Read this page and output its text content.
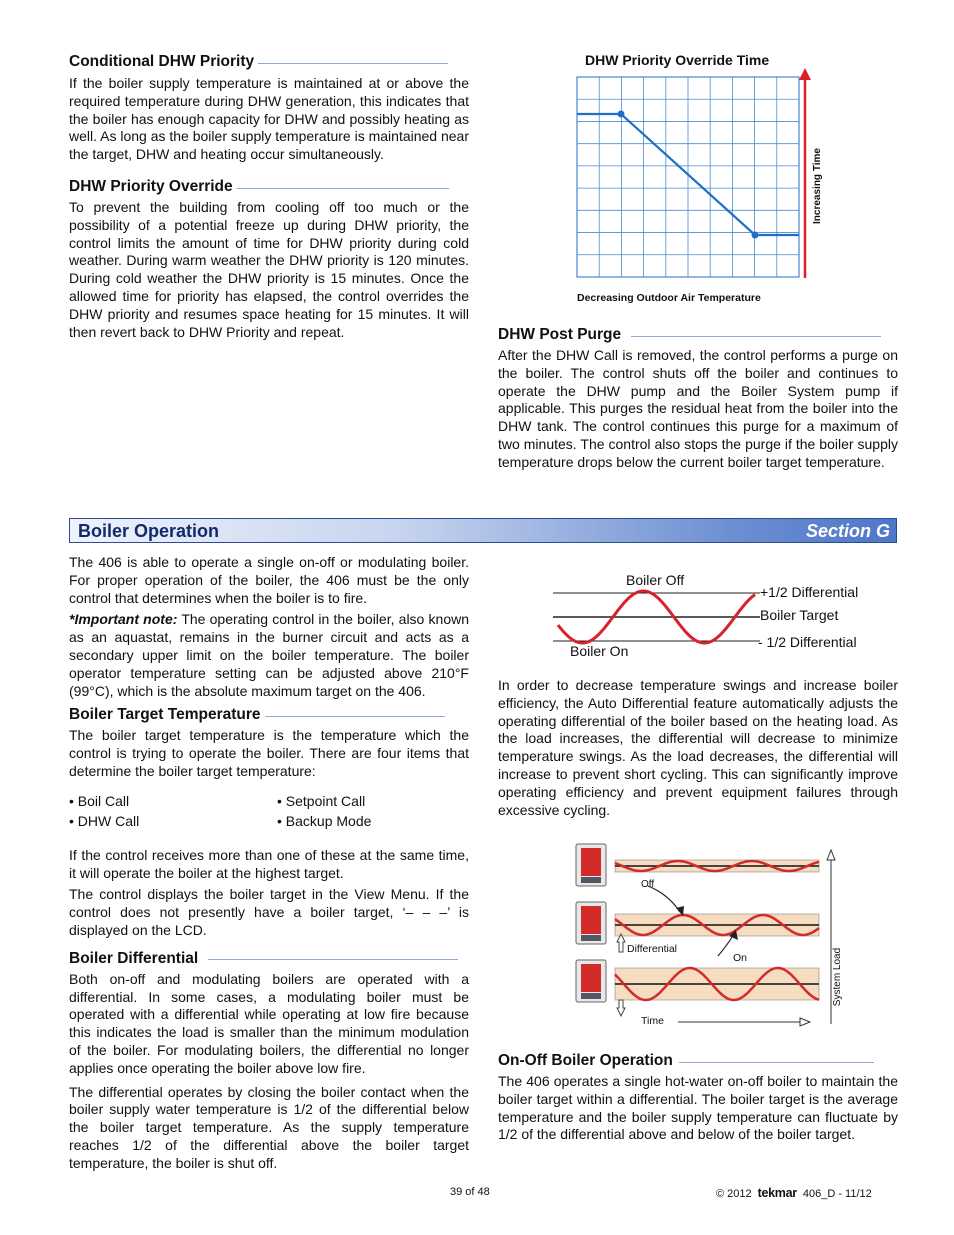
Conditional DHW Priority
If the boiler supply temperature is maintained at or above the required temperature during DHW generation, this indicates that the boiler has enough capacity for DHW and possibly heating as well. As long as the boiler supply temperature is maintained near the target, DHW and heating occur simultaneously.
DHW Priority Override
To prevent the building from cooling off too much or the possibility of a potential freeze up during DHW priority, the control limits the amount of time for DHW priority during cold weather. During warm weather the DHW priority is 120 minutes. During cold weather the DHW priority is 15 minutes. Once the allowed time for priority has elapsed, the control overrides the DHW priority and resumes space heating for 15 minutes. It will then revert back to DHW Priority and repeat.
DHW Priority Override Time
Increasing Time
Decreasing Outdoor Air Temperature
DHW Post Purge
After the DHW Call is removed, the control performs a purge on the boiler. The control shuts off the boiler and continues to operate the DHW pump and the Boiler System pump if applicable. This purges the residual heat from the boiler into the DHW tank. The control continues this purge for a maximum of two minutes. The control also stops the purge if the boiler supply temperature drops below the current boiler target temperature.
Boiler Operation	Section G
The 406 is able to operate a single on-off or modulating boiler. For proper operation of the boiler, the 406 must be the only control that determines when the boiler is to fire.
*Important note: The operating control in the boiler, also known as an aquastat, remains in the burner circuit and acts as a secondary upper limit on the boiler temperature. The boiler operator temperature setting can be adjusted above 210°F (99°C), which is the absolute maximum target on the 406.
Boiler Target Temperature
The boiler target temperature is the temperature which the control is trying to operate the boiler. There are four items that determine the boiler target temperature:
• Boil Call	• Setpoint Call
• DHW Call	• Backup Mode
If the control receives more than one of these at the same time, it will operate the boiler at the highest target.
The control displays the boiler target in the View Menu. If the control does not presently have a boiler target, ‘– – –’ is displayed on the LCD.
Boiler Differential
Both on-off and modulating boilers are operated with a differential. In some cases, a modulating boiler must be operated with a differential while operating at low fire because this indicates the load is smaller than the minimum modulation of the boiler. For modulating boilers, the differential no longer applies once operating the boiler above low fire.
The differential operates by closing the boiler contact when the boiler supply water temperature is 1/2 of the differential below the boiler target temperature. As the supply temperature reaches 1/2 of the differential above the boiler target temperature, the boiler is shut off.
Boiler Off
Boiler On
+1/2 Differential
Boiler Target
- 1/2 Differential
In order to decrease temperature swings and increase boiler efficiency, the Auto Differential feature automatically adjusts the operating differential of the boiler based on the heating load. As the load increases, the differential will decrease to minimize temperature swings. As the load decreases, the differential will increase to prevent short cycling. This can significantly improve operating efficiency and prevent equipment failures through excessive cycling.
Off
Differential
On
Time
System Load
On-Off Boiler Operation
The 406 operates a single hot-water on-off boiler to maintain the boiler target within a differential. The boiler target is the average temperature and the boiler supply temperature can fluctuate by 1/2 of the differential above and below of the boiler target.
39 of 48	© 2012 tekmar 406_D - 11/12
